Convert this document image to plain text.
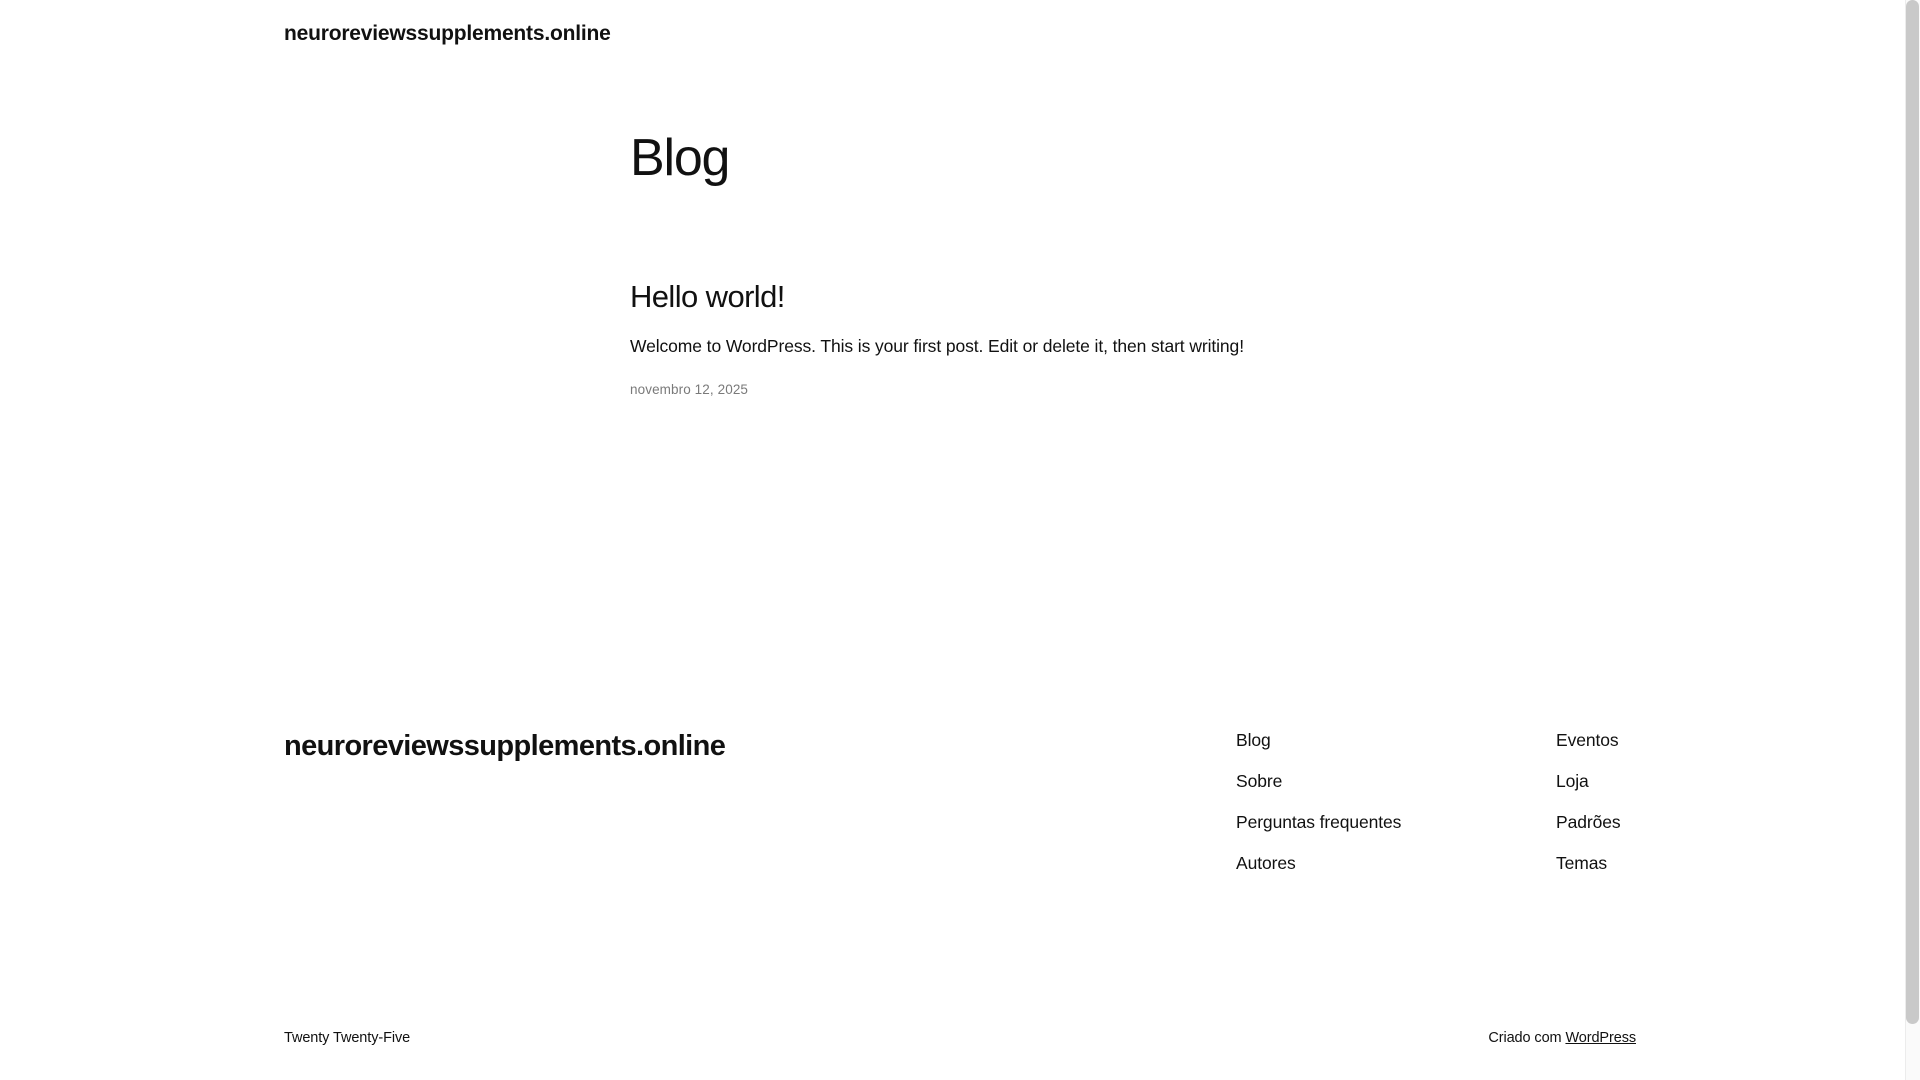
neuroreviewssupplements.online
Blog
Hello world!

Welcome to WordPress. This is your first post. Edit or delete it, then start writing!

novembro 12, 2025
neuroreviewssupplements.online	Blog
Sobre
Perguntas frequentes
Autores
Eventos
Loja
Padrões
Temas
Twenty Twenty-Five	Criado com WordPress
